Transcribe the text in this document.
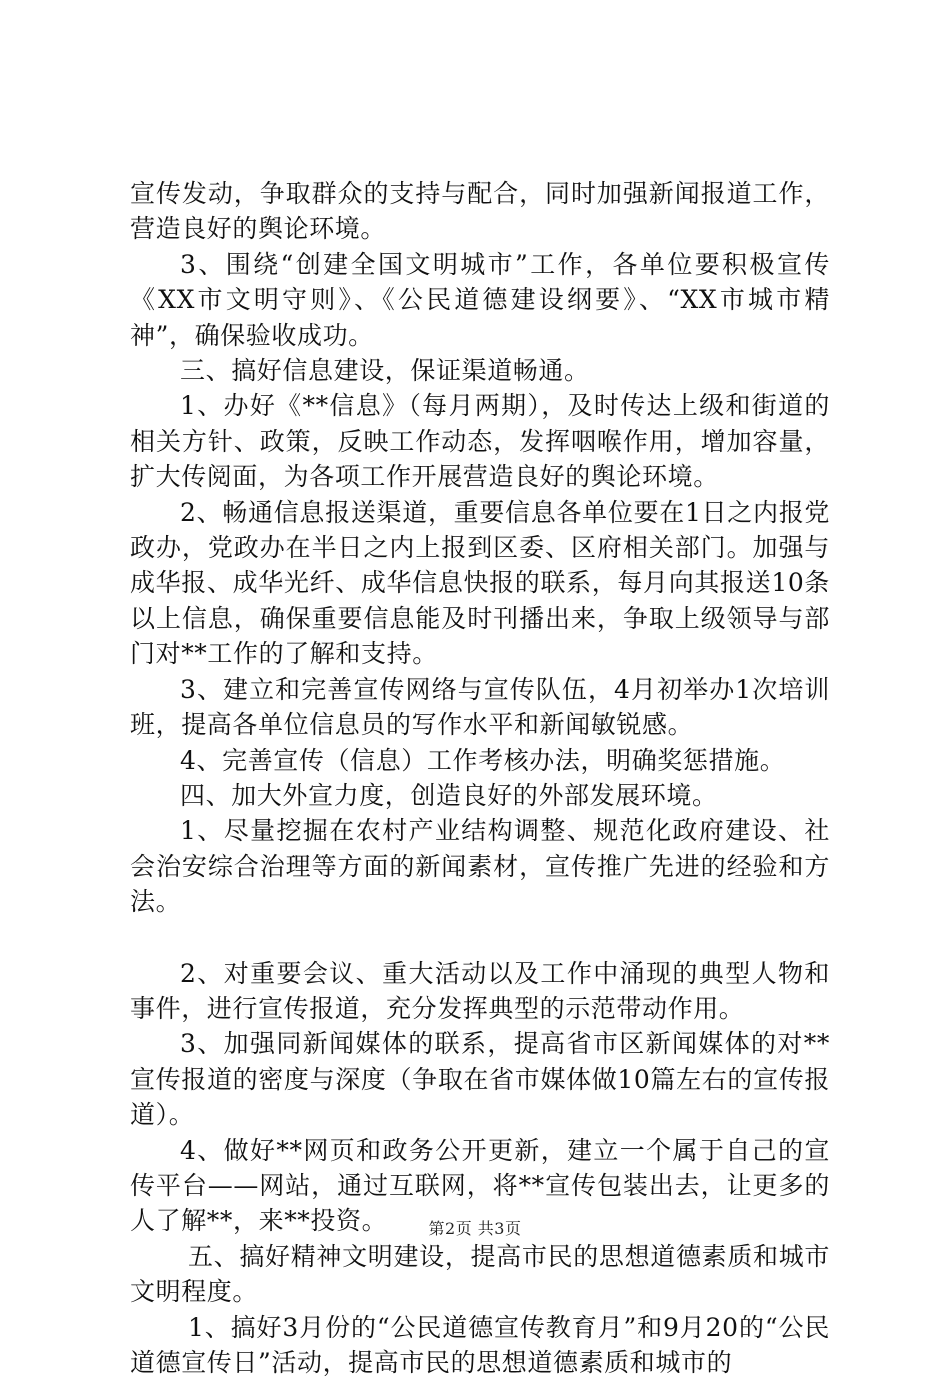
宣传发动，争取群众的支持与配合，同时加强新闻报道工作，营造良好的舆论环境。

3、围绕“创建全国文明城市”工作，各单位要积极宣传《XX市文明守则》、《公民道德建设纲要》、“XX市城市精神”，确保验收成功。

三、搞好信息建设，保证渠道畅通。

1、办好《**信息》（每月两期），及时传达上级和街道的相关方针、政策，反映工作动态，发挥咽喉作用，增加容量，扩大传阅面，为各项工作开展营造良好的舆论环境。

2、畅通信息报送渠道，重要信息各单位要在1日之内报党政办，党政办在半日之内上报到区委、区府相关部门。加强与成华报、成华光纤、成华信息快报的联系，每月向其报送10条以上信息，确保重要信息能及时刊播出来，争取上级领导与部门对**工作的了解和支持。

3、建立和完善宣传网络与宣传队伍，4月初举办1次培训班，提高各单位信息员的写作水平和新闻敏锐感。

4、完善宣传（信息）工作考核办法，明确奖惩措施。

四、加大外宣力度，创造良好的外部发展环境。

1、尽量挖掘在农村产业结构调整、规范化政府建设、社会治安综合治理等方面的新闻素材，宣传推广先进的经验和方法。

2、对重要会议、重大活动以及工作中涌现的典型人物和事件，进行宣传报道，充分发挥典型的示范带动作用。

3、加强同新闻媒体的联系，提高省市区新闻媒体的对**宣传报道的密度与深度（争取在省市媒体做10篇左右的宣传报道）。

4、做好**网页和政务公开更新，建立一个属于自己的宣传平台——网站，通过互联网，将**宣传包装出去，让更多的人了解**，来**投资。

五、搞好精神文明建设，提高市民的思想道德素质和城市文明程度。

1、搞好3月份的“公民道德宣传教育月”和9月20的“公民道德宣传日”活动，提高市民的思想道德素质和城市的

第2页 共3页
